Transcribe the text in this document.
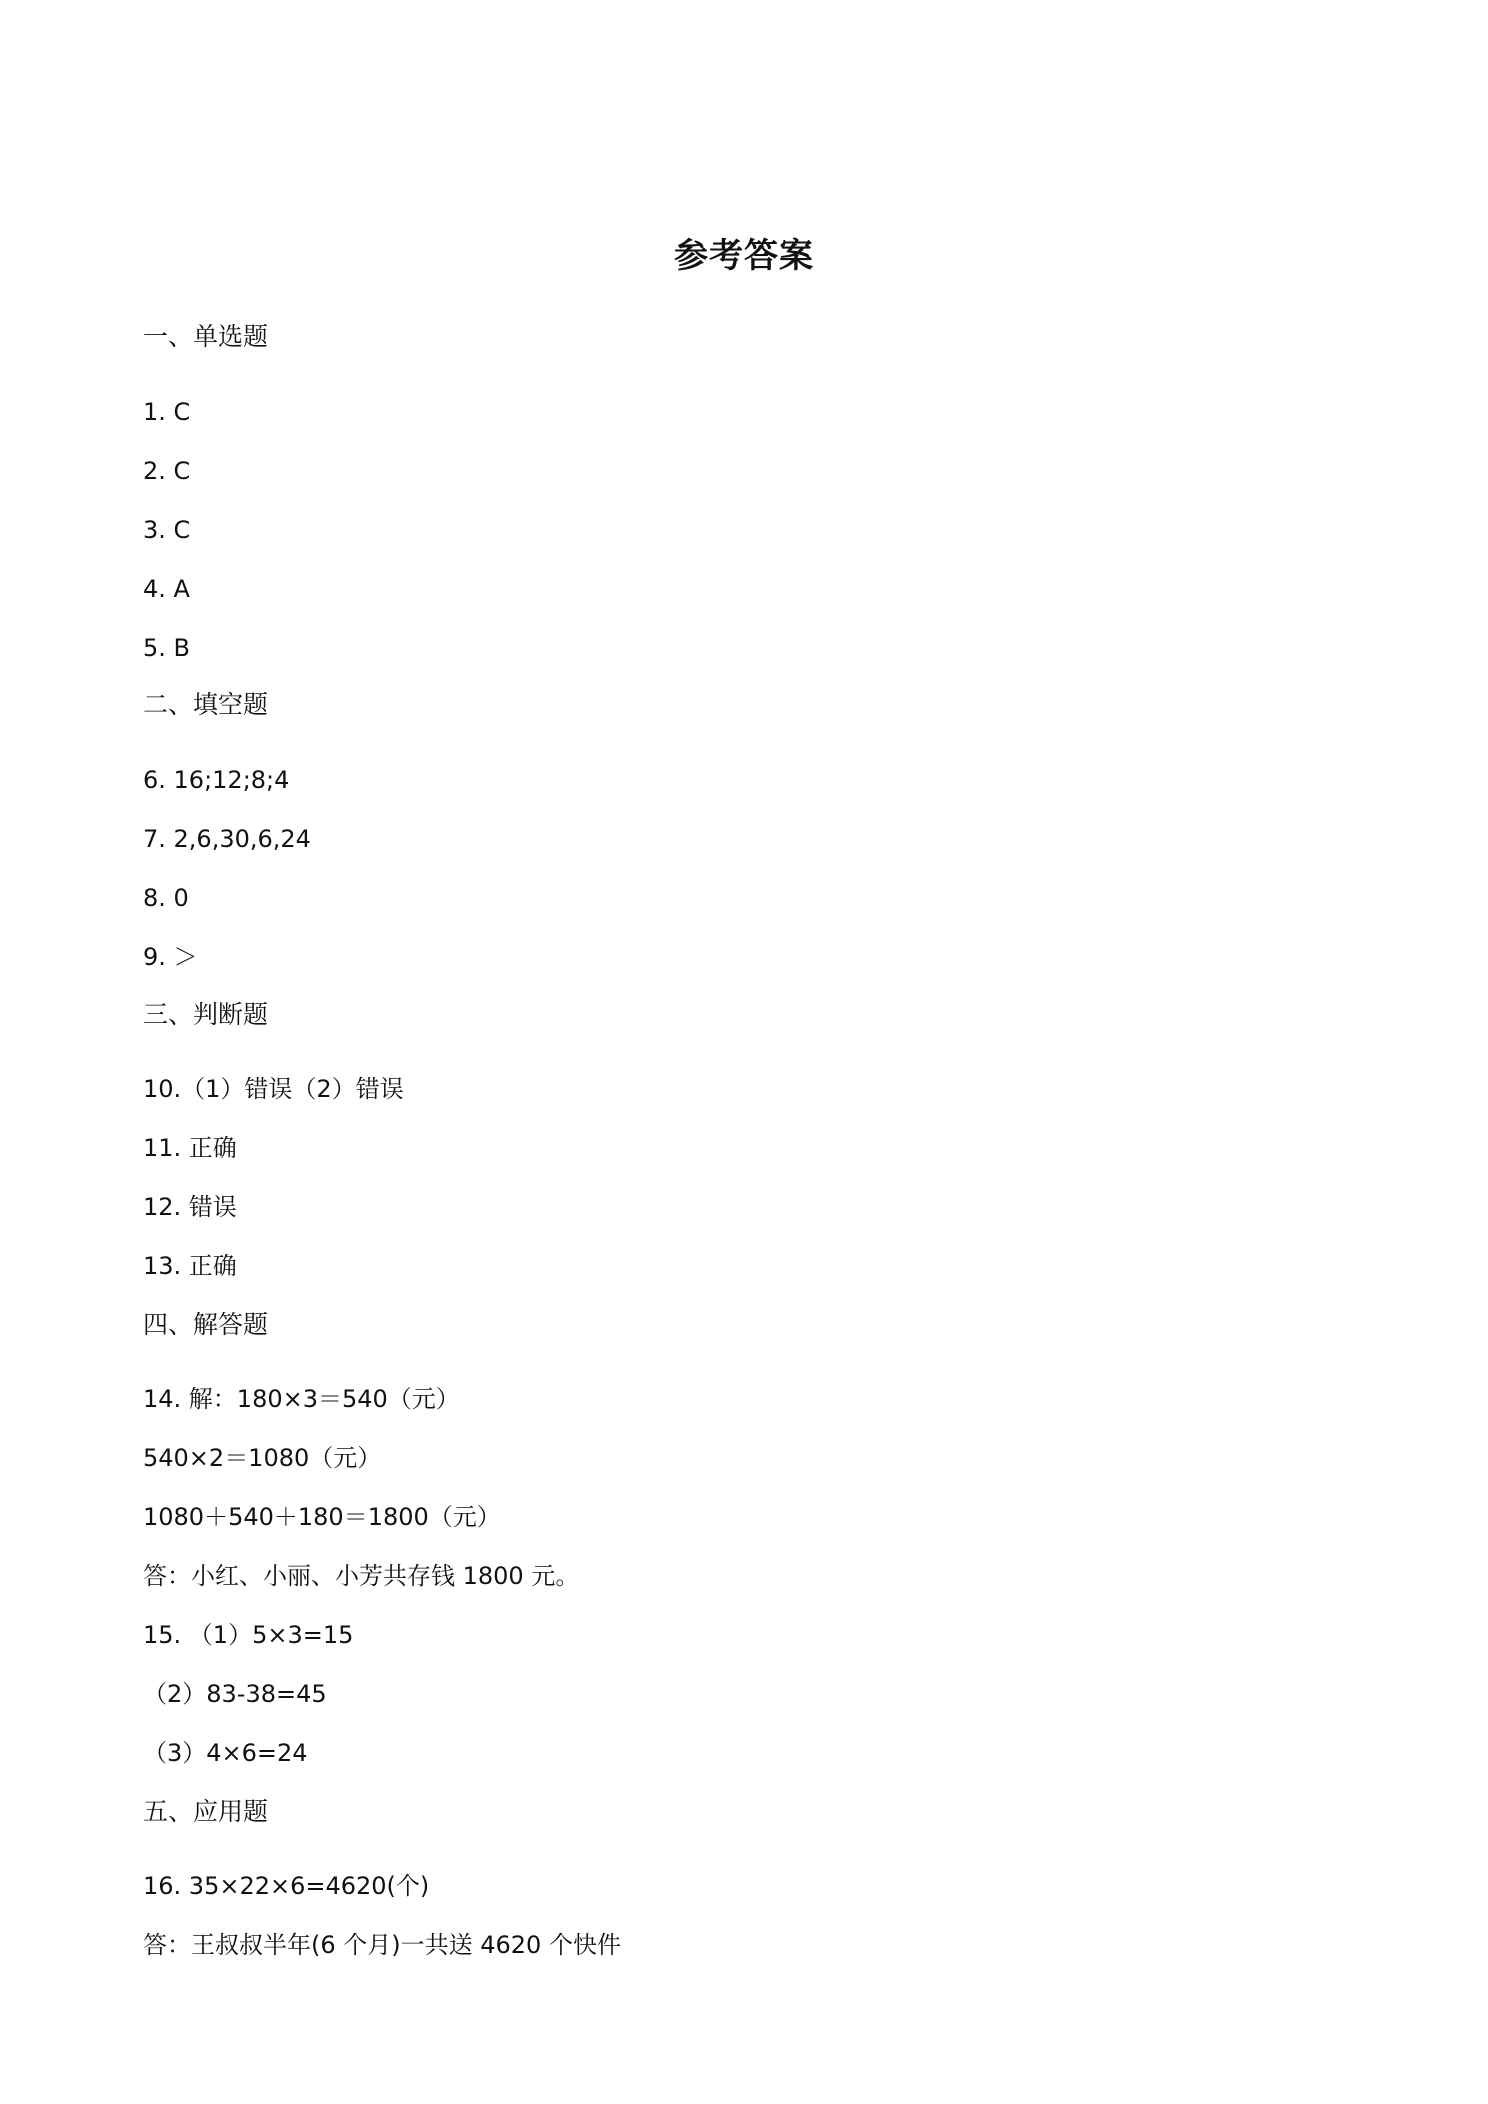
参考答案
一、单选题
1. C
2. C
3. C
4. A
5. B
二、填空题
6. 16;12;8;4
7. 2,6,30,6,24
8. 0
9. ＞
三、判断题
10.（1）错误（2）错误
11. 正确
12. 错误
13. 正确
四、解答题
14. 解：180×3＝540（元）
540×2＝1080（元）
1080＋540＋180＝1800（元）
答：小红、小丽、小芳共存钱 1800 元。
15. （1）5×3=15
（2）83-38=45
（3）4×6=24
五、应用题
16. 35×22×6=4620(个)
答：王叔叔半年(6 个月)一共送 4620 个快件
